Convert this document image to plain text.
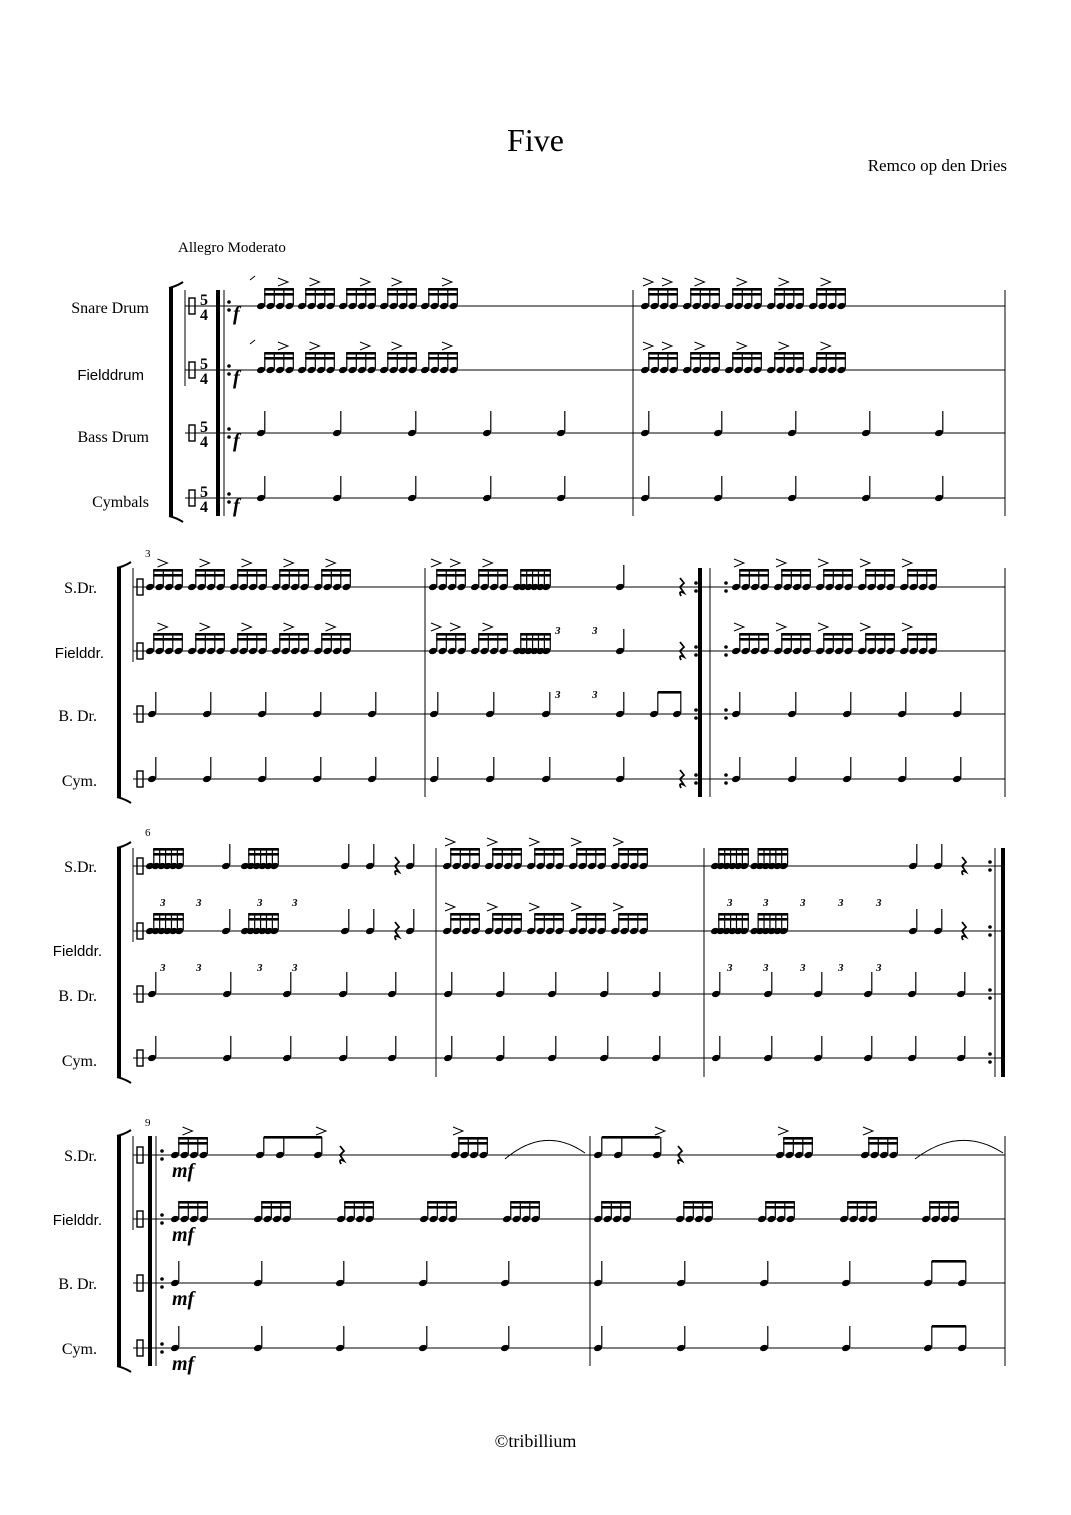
Five
Remco op den Dries
Allegro Moderato
Snare Drum
Fielddrum
Bass Drum
Cymbals
S.Dr.
Fielddr.
B. Dr.
Cym.
S.Dr.
Fielddr.
B. Dr.
Cym.
S.Dr.
Fielddr.
B. Dr.
Cym.
3
6
9
5
4
5
4
5
4
5
4
f
f
f
f
3	3
3	3
3	3	3	3	3	3	3	3	3
3	3	3	3	3	3	3	3	3
mf
mf
mf
mf
©tribillium
